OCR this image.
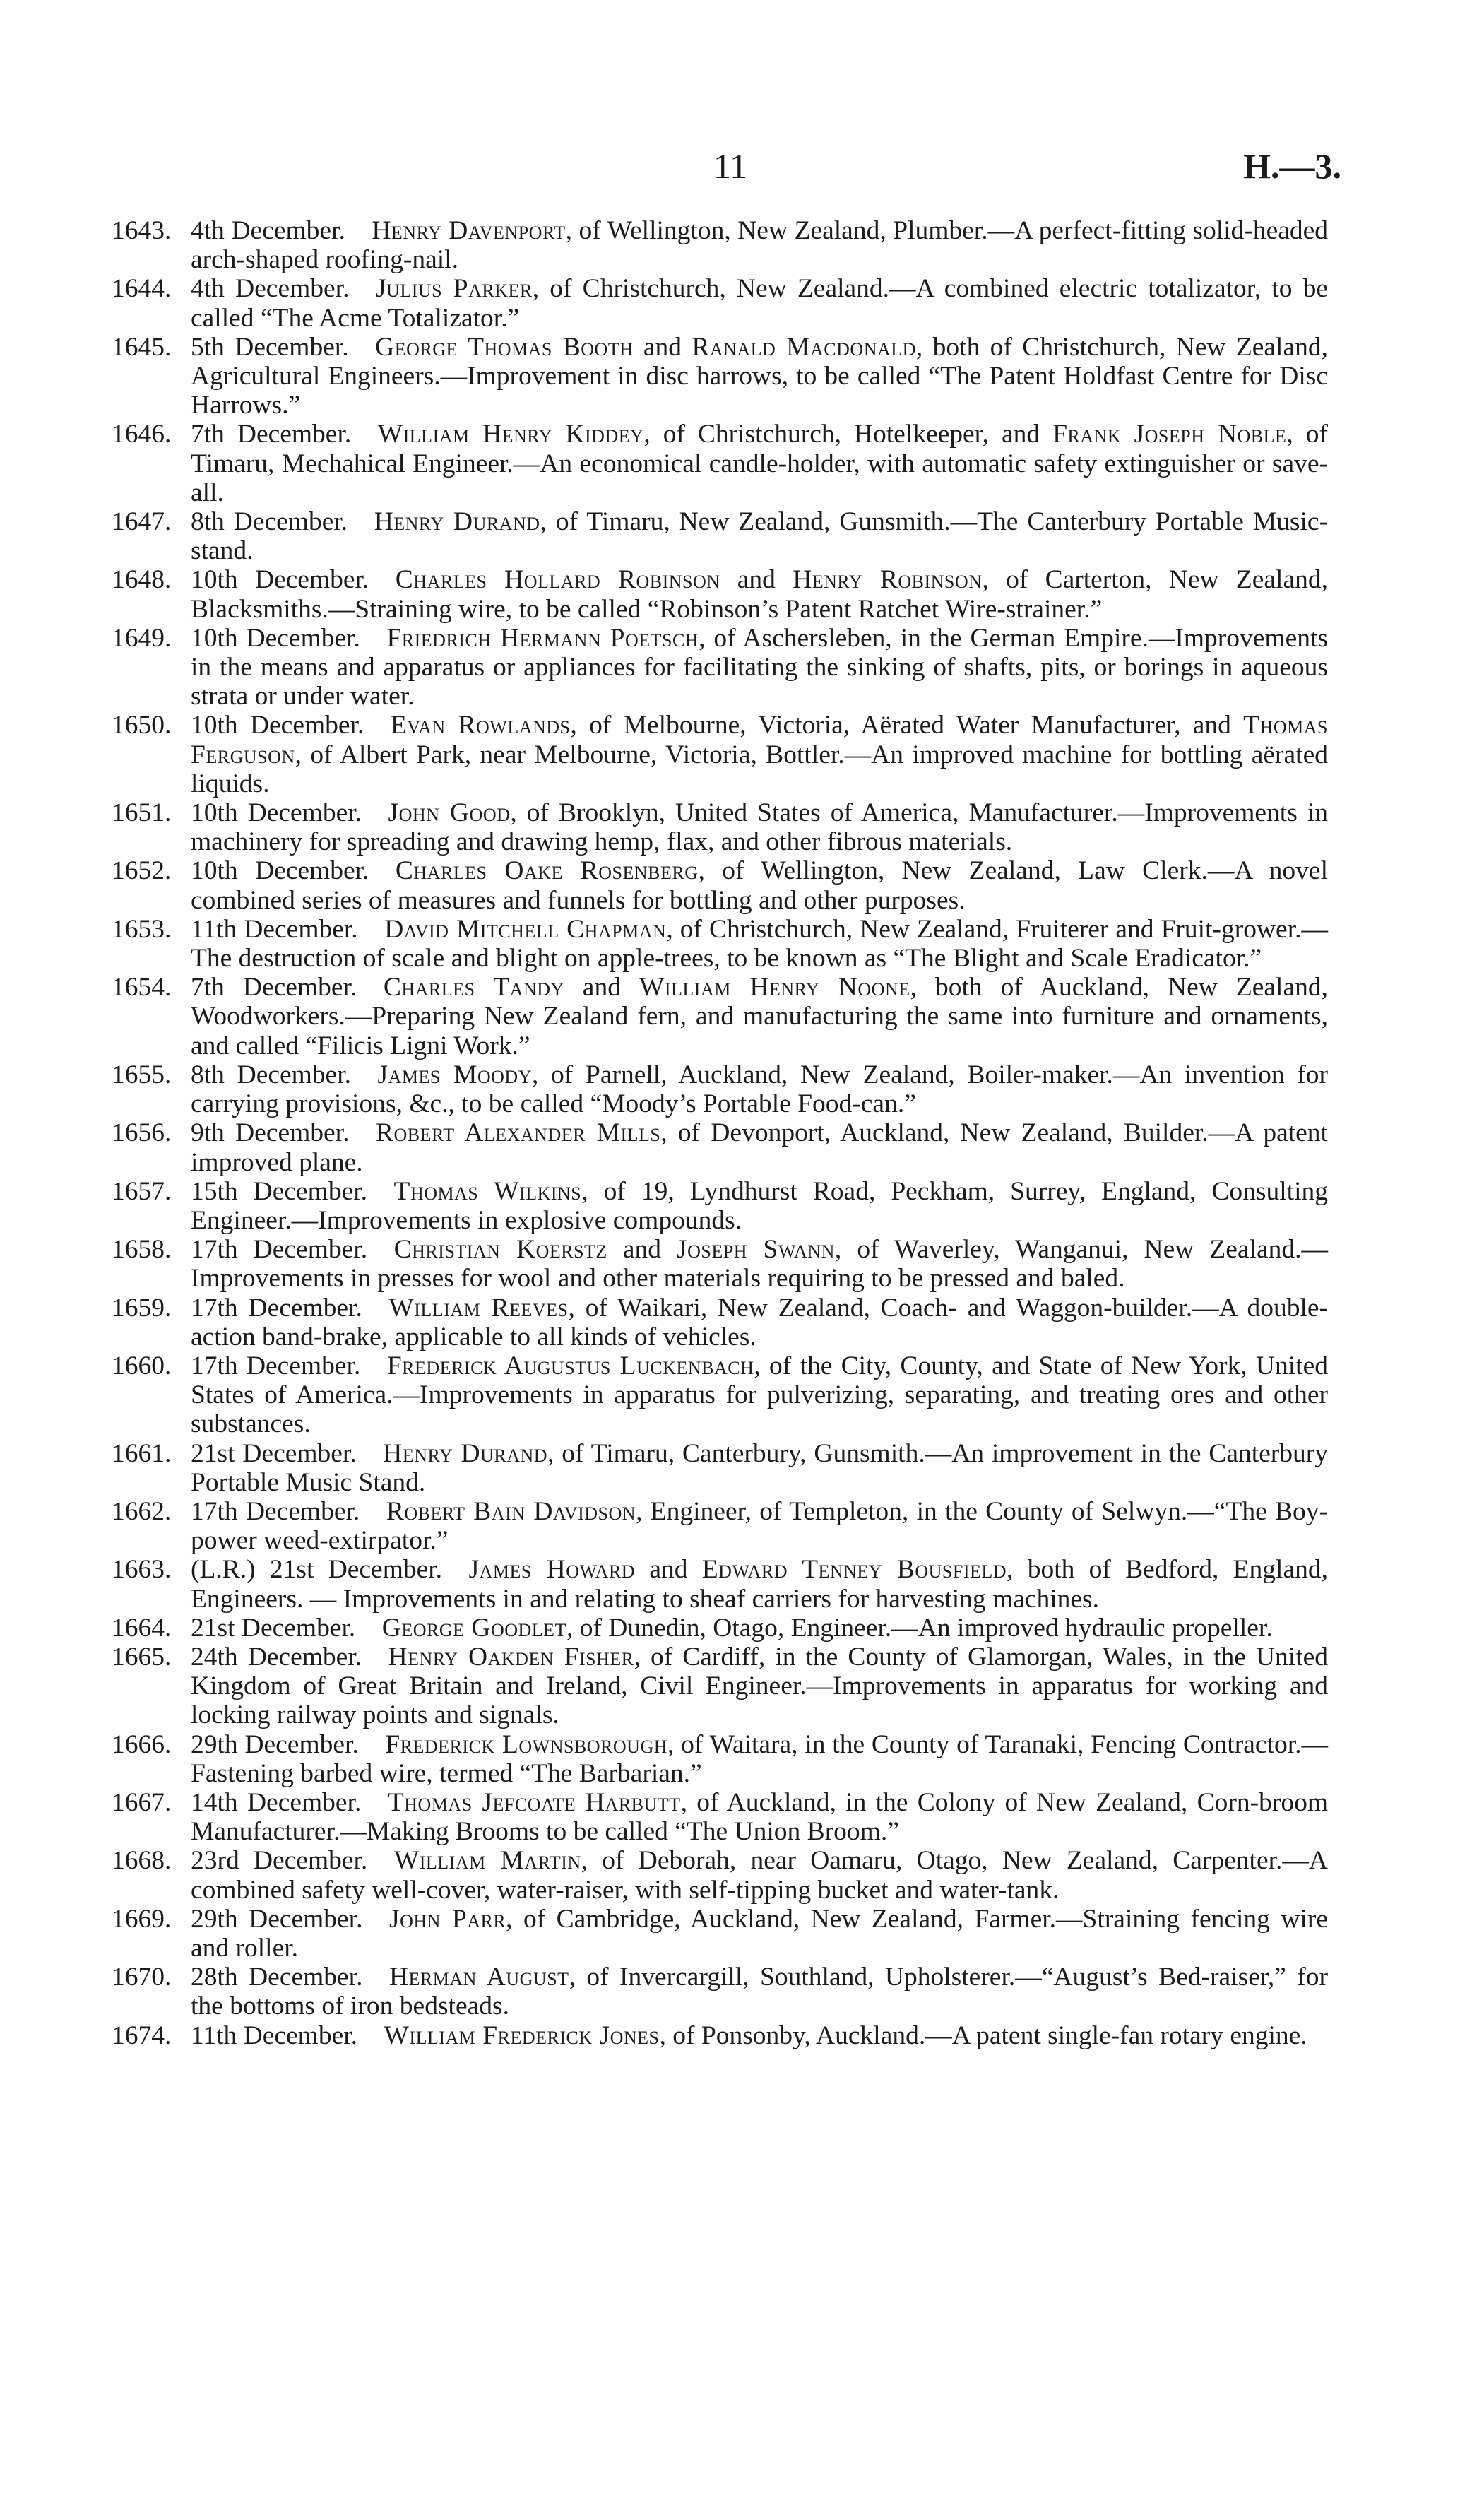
11	H.—3.
1643. 4th December.  Henry Davenport, of Wellington, New Zealand, Plumber.—A perfect-fitting solid-headed arch-shaped roofing-nail.
1644. 4th December.  Julius Parker, of Christchurch, New Zealand.—A combined electric totalizator, to be called “The Acme Totalizator.”
1645. 5th December.  George Thomas Booth and Ranald Macdonald, both of Christchurch, New Zealand, Agricultural Engineers.—Improvement in disc harrows, to be called “The Patent Holdfast Centre for Disc Harrows.”
1646. 7th December.  William Henry Kiddey, of Christchurch, Hotelkeeper, and Frank Joseph Noble, of Timaru, Mechahical Engineer.—An economical candle-holder, with automatic safety extinguisher or save-all.
1647. 8th December.  Henry Durand, of Timaru, New Zealand, Gunsmith.—The Canterbury Portable Music-stand.
1648. 10th December.  Charles Hollard Robinson and Henry Robinson, of Carterton, New Zealand, Blacksmiths.—Straining wire, to be called “Robinson’s Patent Ratchet Wire-strainer.”
1649. 10th December.  Friedrich Hermann Poetsch, of Aschersleben, in the German Empire.—Improvements in the means and apparatus or appliances for facilitating the sinking of shafts, pits, or borings in aqueous strata or under water.
1650. 10th December.  Evan Rowlands, of Melbourne, Victoria, Aërated Water Manufacturer, and Thomas Ferguson, of Albert Park, near Melbourne, Victoria, Bottler.—An improved machine for bottling aërated liquids.
1651. 10th December.  John Good, of Brooklyn, United States of America, Manufacturer.—Improvements in machinery for spreading and drawing hemp, flax, and other fibrous materials.
1652. 10th December.  Charles Oake Rosenberg, of Wellington, New Zealand, Law Clerk.—A novel combined series of measures and funnels for bottling and other purposes.
1653. 11th December.  David Mitchell Chapman, of Christchurch, New Zealand, Fruiterer and Fruit-grower.—The destruction of scale and blight on apple-trees, to be known as “The Blight and Scale Eradicator.”
1654. 7th December.  Charles Tandy and William Henry Noone, both of Auckland, New Zealand, Woodworkers.—Preparing New Zealand fern, and manufacturing the same into furniture and ornaments, and called “Filicis Ligni Work.”
1655. 8th December.  James Moody, of Parnell, Auckland, New Zealand, Boiler-maker.—An invention for carrying provisions, &c., to be called “Moody’s Portable Food-can.”
1656. 9th December.  Robert Alexander Mills, of Devonport, Auckland, New Zealand, Builder.—A patent improved plane.
1657. 15th December.  Thomas Wilkins, of 19, Lyndhurst Road, Peckham, Surrey, England, Consulting Engineer.—Improvements in explosive compounds.
1658. 17th December.  Christian Koerstz and Joseph Swann, of Waverley, Wanganui, New Zealand.—Improvements in presses for wool and other materials requiring to be pressed and baled.
1659. 17th December.  William Reeves, of Waikari, New Zealand, Coach- and Waggon-builder.—A double-action band-brake, applicable to all kinds of vehicles.
1660. 17th December.  Frederick Augustus Luckenbach, of the City, County, and State of New York, United States of America.—Improvements in apparatus for pulverizing, separating, and treating ores and other substances.
1661. 21st December.  Henry Durand, of Timaru, Canterbury, Gunsmith.—An improvement in the Canterbury Portable Music Stand.
1662. 17th December.  Robert Bain Davidson, Engineer, of Templeton, in the County of Selwyn.—“The Boy-power weed-extirpator.”
1663. (L.R.) 21st December.  James Howard and Edward Tenney Bousfield, both of Bedford, England, Engineers. — Improvements in and relating to sheaf carriers for harvesting machines.
1664. 21st December.  George Goodlet, of Dunedin, Otago, Engineer.—An improved hydraulic propeller.
1665. 24th December.  Henry Oakden Fisher, of Cardiff, in the County of Glamorgan, Wales, in the United Kingdom of Great Britain and Ireland, Civil Engineer.—Improvements in apparatus for working and locking railway points and signals.
1666. 29th December.  Frederick Lownsborough, of Waitara, in the County of Taranaki, Fencing Contractor.—Fastening barbed wire, termed “The Barbarian.”
1667. 14th December.  Thomas Jefcoate Harbutt, of Auckland, in the Colony of New Zealand, Corn-broom Manufacturer.—Making Brooms to be called “The Union Broom.”
1668. 23rd December.  William Martin, of Deborah, near Oamaru, Otago, New Zealand, Carpenter.—A combined safety well-cover, water-raiser, with self-tipping bucket and water-tank.
1669. 29th December.  John Parr, of Cambridge, Auckland, New Zealand, Farmer.—Straining fencing wire and roller.
1670. 28th December.  Herman August, of Invercargill, Southland, Upholsterer.—“August’s Bed-raiser,” for the bottoms of iron bedsteads.
1674. 11th December.  William Frederick Jones, of Ponsonby, Auckland.—A patent single-fan rotary engine.
